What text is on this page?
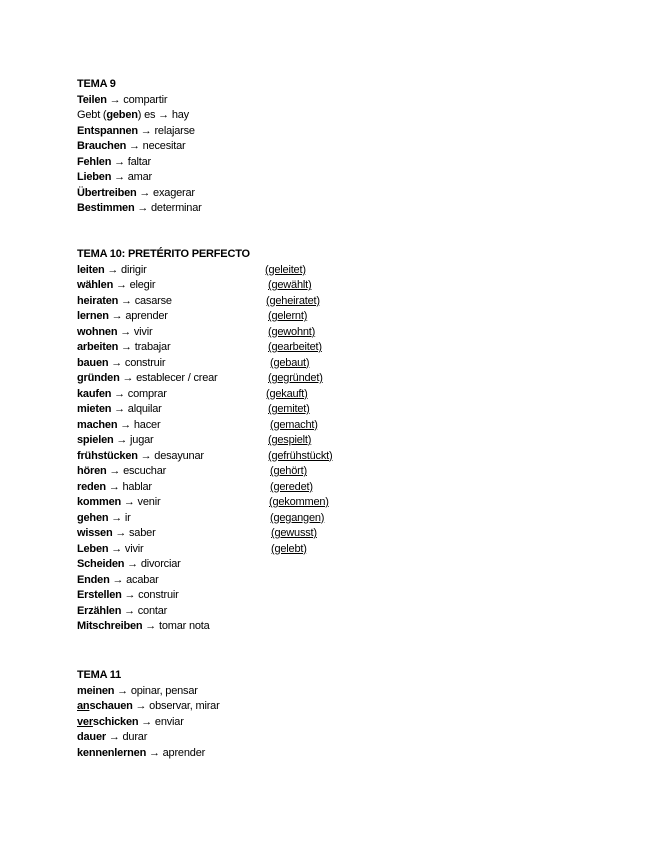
TEMA 9
Teilen → compartir
Gebt (geben) es → hay
Entspannen → relajarse
Brauchen → necesitar
Fehlen → faltar
Lieben → amar
Übertreiben → exagerar
Bestimmen → determinar
TEMA 10: PRETÉRITO PERFECTO
leiten → dirigir	(geleitet)
wählen → elegir	(gewählt)
heiraten → casarse	(geheiratet)
lernen → aprender	(gelernt)
wohnen → vivir	(gewohnt)
arbeiten → trabajar	(gearbeitet)
bauen → construir	(gebaut)
gründen → establecer / crear	(gegründet)
kaufen → comprar	(gekauft)
mieten → alquilar	(gemitet)
machen → hacer	(gemacht)
spielen → jugar	(gespielt)
frühstücken → desayunar	(gefrühstückt)
hören → escuchar	(gehört)
reden → hablar	(geredet)
kommen → venir	(gekommen)
gehen → ir	(gegangen)
wissen → saber	(gewusst)
Leben → vivir	(gelebt)
Scheiden → divorciar
Enden → acabar
Erstellen → construir
Erzählen → contar
Mitschreiben → tomar nota
TEMA 11
meinen → opinar, pensar
anschauen → observar, mirar
verschicken → enviar
dauer → durar
kennenlernen → aprender
